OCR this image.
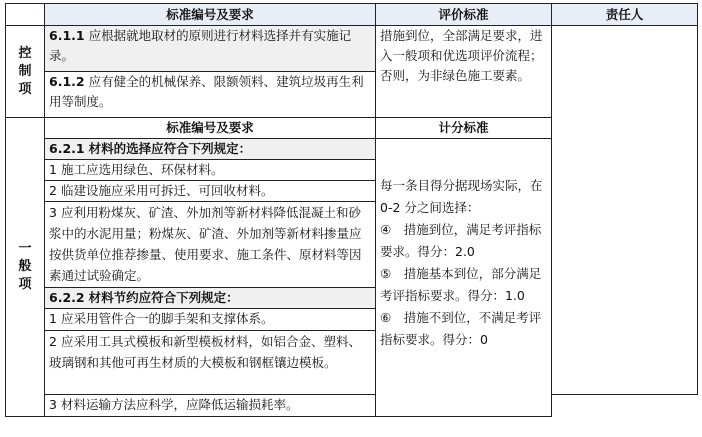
	标准编号及要求	评价标准	责任人

控
制
项	6.1.1 应根据就地取材的原则进行材料选择并有实施记录。	措施到位，全部满足要求，进入一般项和优选项评价流程；否则，为非绿色施工要素。	
	6.1.2 应有健全的机械保养、限额领料、建筑垃圾再生利用等制度。		

一
般
项	标准编号及要求	计分标准	
	6.2.1 材料的选择应符合下列规定：	每一条目得分据现场实际，在 0-2 分之间选择：
④　措施到位，满足考评指标要求。得分：2.0
⑤　措施基本到位，部分满足考评指标要求。得分：1.0
⑥　措施不到位，不满足考评指标要求。得分：0	

	1 施工应选用绿色、环保材料。		
	2 临建设施应采用可拆迁、可回收材料。		
	3 应利用粉煤灰、矿渣、外加剂等新材料降低混凝土和砂浆中的水泥用量；粉煤灰、矿渣、外加剂等新材料掺量应按供货单位推荐掺量、使用要求、施工条件、原材料等因素通过试验确定。		
	6.2.2 材料节约应符合下列规定：		
	1 应采用管件合一的脚手架和支撑体系。		
	2 应采用工具式模板和新型模板材料，如铝合金、塑料、玻璃钢和其他可再生材质的大模板和钢框镶边模板。		
	3 材料运输方法应科学，应降低运输损耗率。		
